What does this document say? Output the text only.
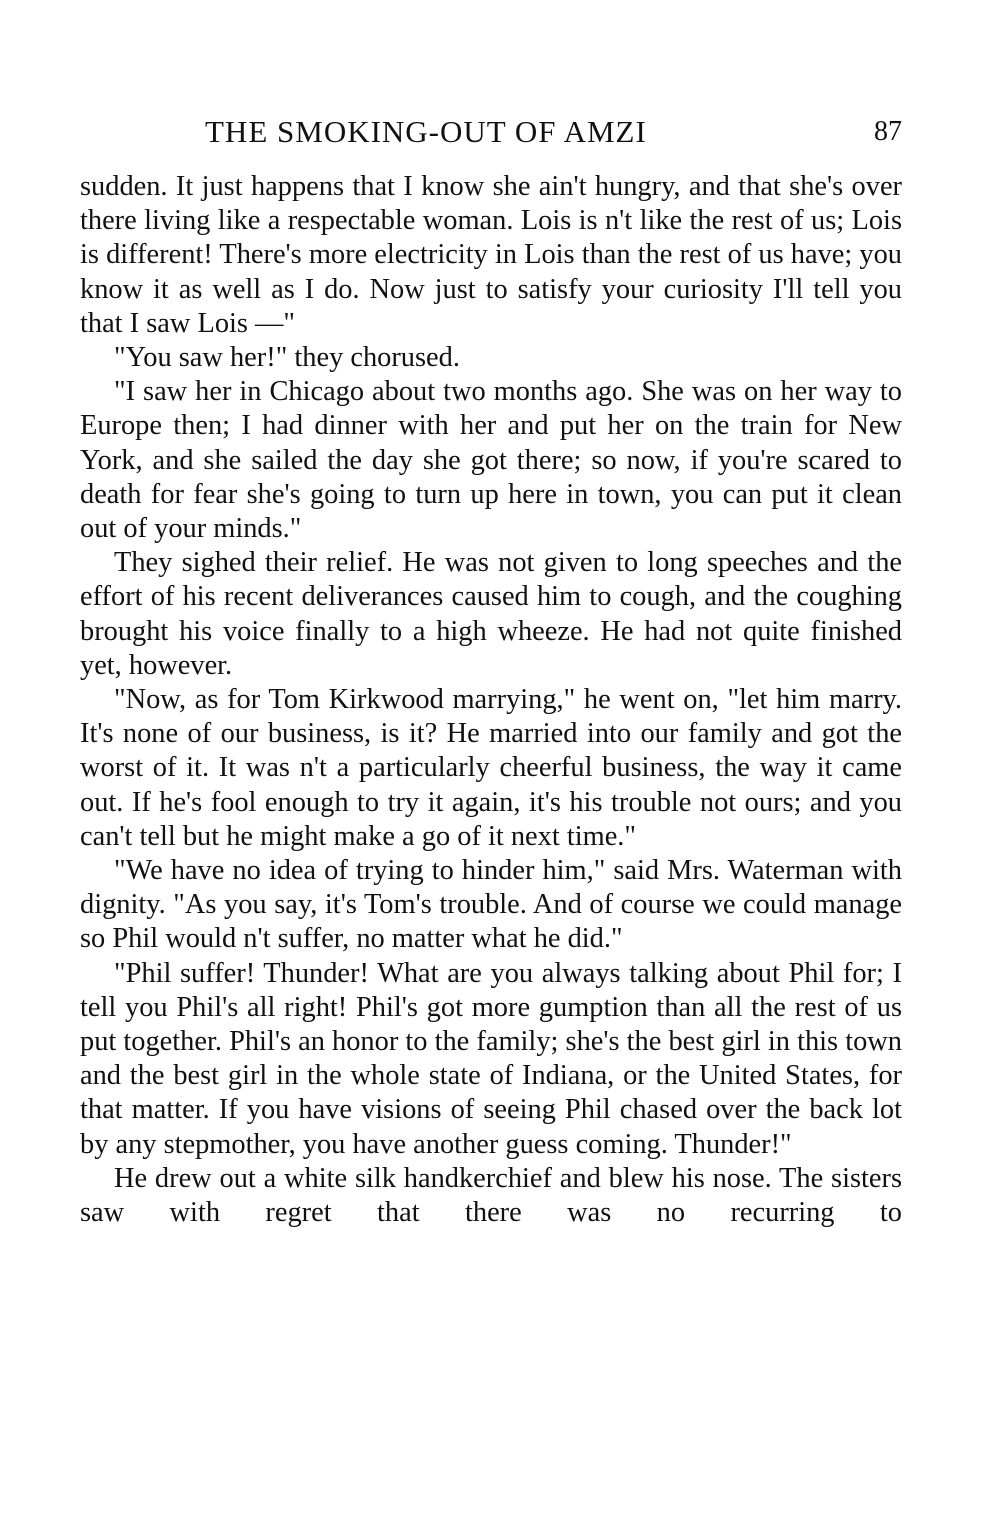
THE SMOKING-OUT OF AMZI	87

sudden. It just happens that I know she ain't hungry, and that she's over there living like a respectable woman. Lois is n't like the rest of us; Lois is different! There's more electricity in Lois than the rest of us have; you know it as well as I do. Now just to satisfy your curiosity I'll tell you that I saw Lois —"

"You saw her!" they chorused.

"I saw her in Chicago about two months ago. She was on her way to Europe then; I had dinner with her and put her on the train for New York, and she sailed the day she got there; so now, if you're scared to death for fear she's going to turn up here in town, you can put it clean out of your minds."

They sighed their relief. He was not given to long speeches and the effort of his recent deliverances caused him to cough, and the coughing brought his voice finally to a high wheeze. He had not quite finished yet, however.

"Now, as for Tom Kirkwood marrying," he went on, "let him marry. It's none of our business, is it? He married into our family and got the worst of it. It was n't a particularly cheerful business, the way it came out. If he's fool enough to try it again, it's his trouble not ours; and you can't tell but he might make a go of it next time."

"We have no idea of trying to hinder him," said Mrs. Waterman with dignity. "As you say, it's Tom's trouble. And of course we could manage so Phil would n't suffer, no matter what he did."

"Phil suffer! Thunder! What are you always talking about Phil for; I tell you Phil's all right! Phil's got more gumption than all the rest of us put together. Phil's an honor to the family; she's the best girl in this town and the best girl in the whole state of Indiana, or the United States, for that matter. If you have visions of seeing Phil chased over the back lot by any stepmother, you have another guess coming. Thunder!"

He drew out a white silk handkerchief and blew his nose. The sisters saw with regret that there was no recurring to
